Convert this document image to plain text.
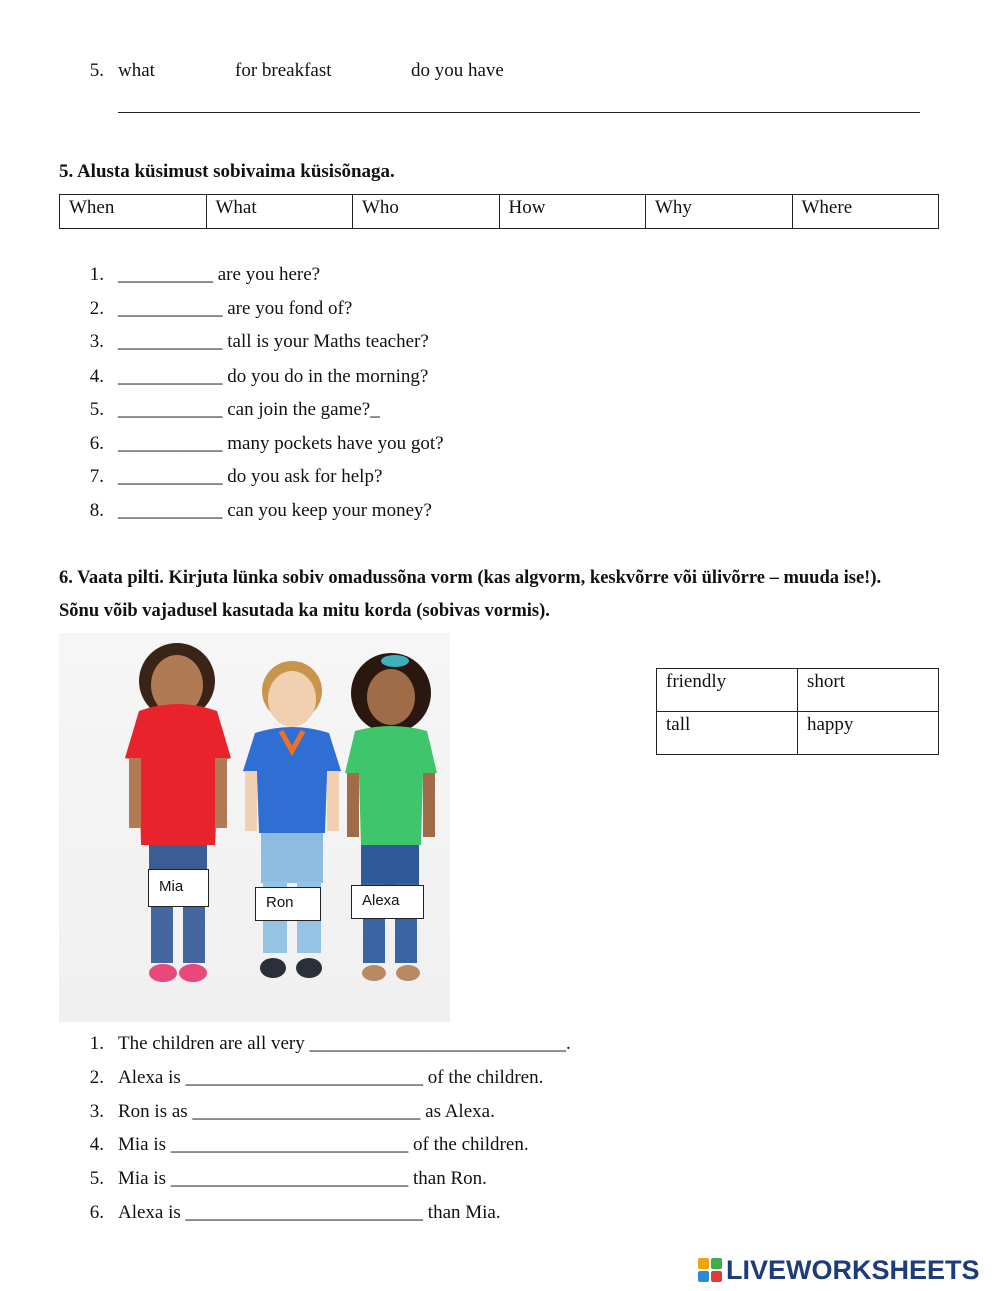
5. what	for breakfast	do you have
5. Alusta küsimust sobivaima küsisõnaga.
When	What	Who	How	Why	Where
1. __________ are you here?
2. ___________ are you fond of?
3. ___________ tall is your Maths teacher?
4. ___________ do you do in the morning?
5. ___________ can join the game?_
6. ___________ many pockets have you got?
7. ___________ do you ask for help?
8. ___________ can you keep your money?
6. Vaata pilti. Kirjuta lünka sobiv omadussõna vorm (kas algvorm, keskvõrre või ülivõrre – muuda ise!).
Sõnu võib vajadusel kasutada ka mitu korda (sobivas vormis).
Mia
Ron	Alexa
friendly	short
tall	happy
1. The children are all very ___________________________.
2. Alexa is _________________________ of the children.
3. Ron is as ________________________ as Alexa.
4. Mia is _________________________ of the children.
5. Mia is _________________________ than Ron.
6. Alexa is _________________________ than Mia.
LIVEWORKSHEETS
